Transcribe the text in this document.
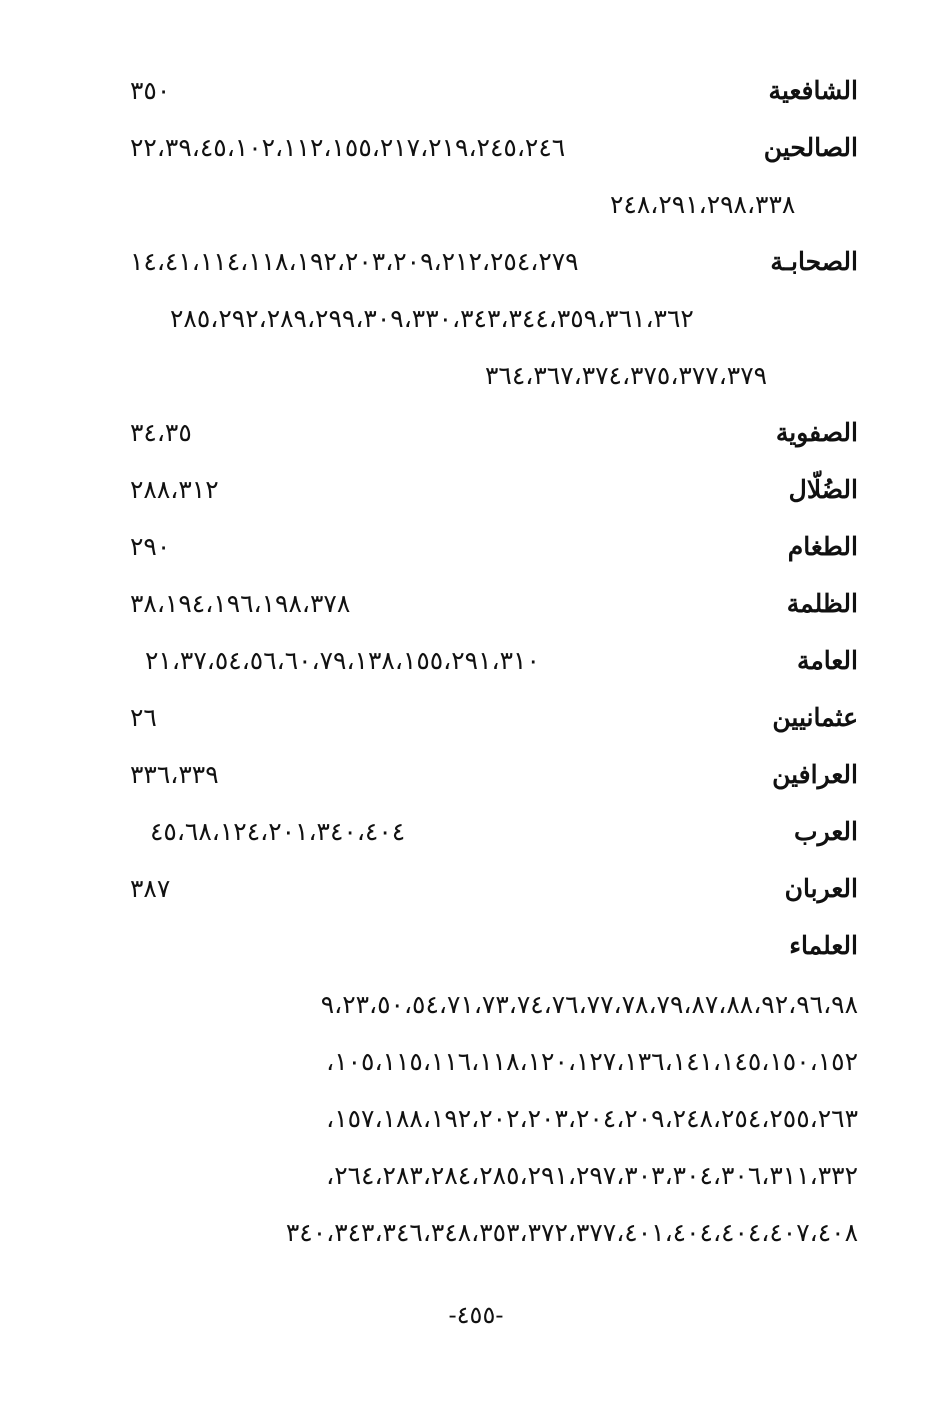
الشافعية
٣٥٠
الصالحين
٢٢،٣٩،٤٥،١٠٢،١١٢،١٥٥،٢١٧،٢١٩،٢٤٥،٢٤٦
٢٤٨،٢٩١،٢٩٨،٣٣٨
الصحابـة
١٤،٤١،١١٤،١١٨،١٩٢،٢٠٣،٢٠٩،٢١٢،٢٥٤،٢٧٩
٢٨٥،٢٩٢،٢٨٩،٢٩٩،٣٠٩،٣٣٠،٣٤٣،٣٤٤،٣٥٩،٣٦١،٣٦٢
٣٦٤،٣٦٧،٣٧٤،٣٧٥،٣٧٧،٣٧٩
الصفوية
٣٤،٣٥
الضُلّال
٢٨٨،٣١٢
الطغام
٢٩٠
الظلمة
٣٨،١٩٤،١٩٦،١٩٨،٣٧٨
العامة
٢١،٣٧،٥٤،٥٦،٦٠،٧٩،١٣٨،١٥٥،٢٩١،٣١٠
عثمانيين
٢٦
العرافين
٣٣٦،٣٣٩
العرب
٤٥،٦٨،١٢٤،٢٠١،٣٤٠،٤٠٤
العربان
٣٨٧
العلماء
٩،٢٣،٥٠،٥٤،٧١،٧٣،٧٤،٧٦،٧٧،٧٨،٧٩،٨٧،٨٨،٩٢،٩٦،٩٨
١٠٥،١١٥،١١٦،١١٨،١٢٠،١٢٧،١٣٦،١٤١،١٤٥،١٥٠،١٥٢،
١٥٧،١٨٨،١٩٢،٢٠٢،٢٠٣،٢٠٤،٢٠٩،٢٤٨،٢٥٤،٢٥٥،٢٦٣،
٢٦٤،٢٨٣،٢٨٤،٢٨٥،٢٩١،٢٩٧،٣٠٣،٣٠٤،٣٠٦،٣١١،٣٣٢،
٣٤٠،٣٤٣،٣٤٦،٣٤٨،٣٥٣،٣٧٢،٣٧٧،٤٠١،٤٠٤،٤٠٤،٤٠٧،٤٠٨
-٤٥٥-
